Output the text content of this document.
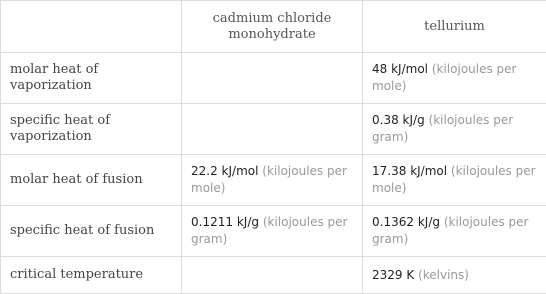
	cadmium chloride monohydrate	tellurium
molar heat of vaporization		48 kJ/mol (kilojoules per mole)
specific heat of vaporization		0.38 kJ/g (kilojoules per gram)
molar heat of fusion	22.2 kJ/mol (kilojoules per mole)	17.38 kJ/mol (kilojoules per mole)
specific heat of fusion	0.1211 kJ/g (kilojoules per gram)	0.1362 kJ/g (kilojoules per gram)
critical temperature		2329 K (kelvins)
